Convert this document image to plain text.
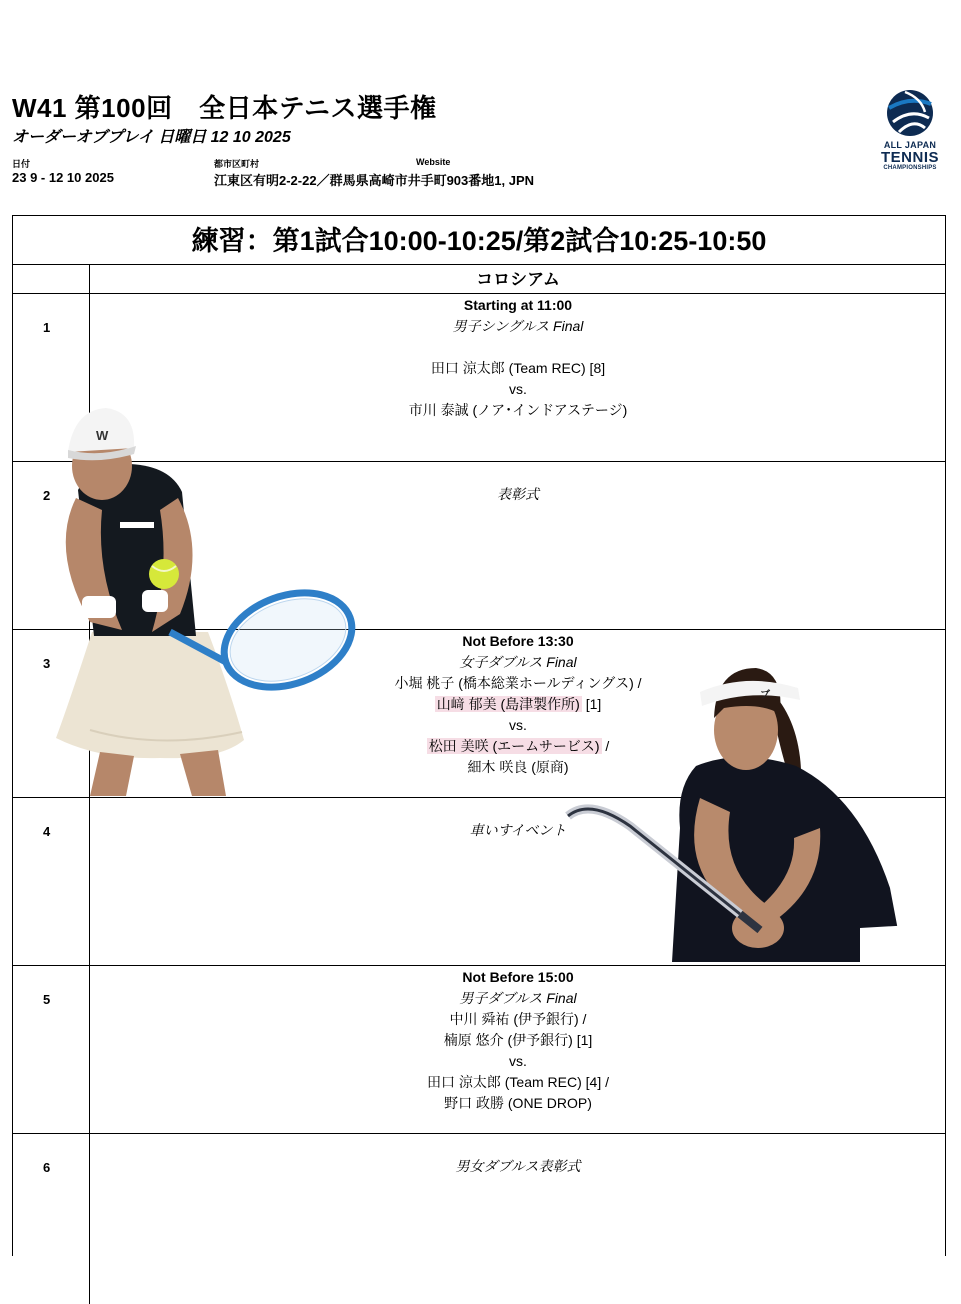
W41 第100回　全日本テニス選手権
オーダーオブプレイ 日曜日 12 10 2025
日付
23 9 - 12 10 2025
都市区町村
江東区有明2-2-22／群馬県高崎市井手町903番地1, JPN
Website
ALL JAPAN
TENNIS
CHAMPIONSHIPS
練習：第1試合10:00-10:25/第2試合10:25-10:50
コロシアム
1
Starting at 11:00
男子シングルス Final
田口 涼太郎 (Team REC) [8]
vs.
市川 泰誠 (ノア･インドアステージ)
2	表彰式
3
Not Before 13:30
女子ダブルス Final
小堀 桃子 (橋本総業ホールディングス) /
山﨑 郁美 (島津製作所) [1]
vs.
松田 美咲 (エームサービス) /
細木 咲良 (原商)
4	車いすイベント
5
Not Before 15:00
男子ダブルス Final
中川 舜祐 (伊予銀行) /
楠原 悠介 (伊予銀行) [1]
vs.
田口 涼太郎 (Team REC) [4] /
野口 政勝 (ONE DROP)
6	男女ダブルス表彰式
W
ブ
